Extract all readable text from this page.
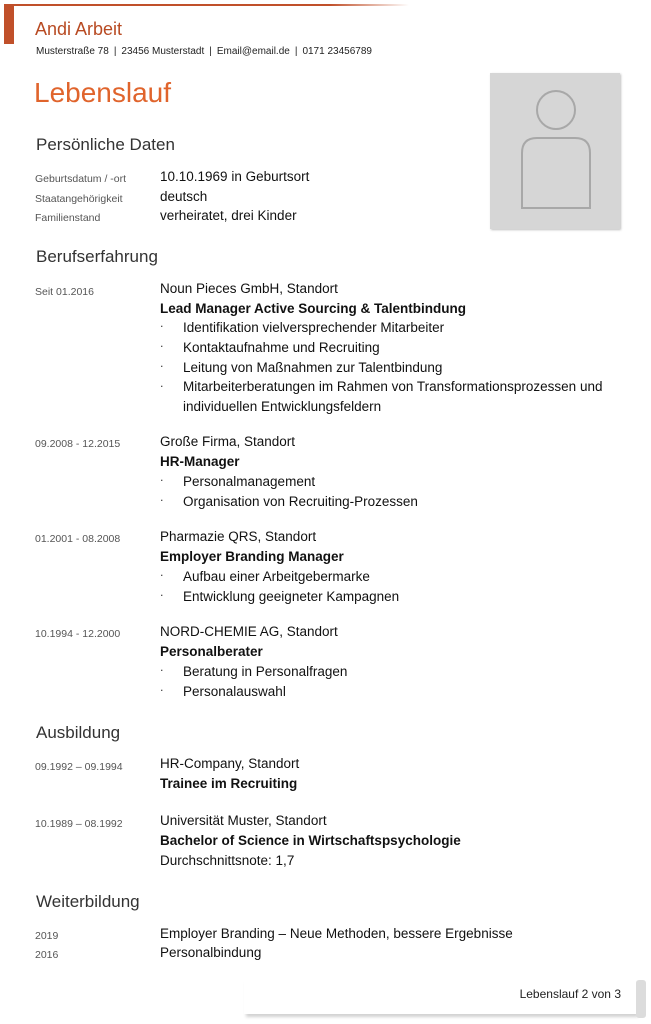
Andi Arbeit
Musterstraße 78 | 23456 Musterstadt | Email@email.de | 0171 23456789
Lebenslauf
Persönliche Daten
Geburtsdatum / -ort	10.10.1969 in Geburtsort
Staatangehörigkeit	deutsch
Familienstand	verheiratet, drei Kinder
Berufserfahrung
Seit 01.2016	Noun Pieces GmbH, Standort
Lead Manager Active Sourcing & Talentbindung
‧ Identifikation vielversprechender Mitarbeiter
‧ Kontaktaufnahme und Recruiting
‧ Leitung von Maßnahmen zur Talentbindung
‧ Mitarbeiterberatungen im Rahmen von Transformationsprozessen und
individuellen Entwicklungsfeldern
09.2008 - 12.2015	Große Firma, Standort
HR-Manager
‧ Personalmanagement
‧ Organisation von Recruiting-Prozessen
01.2001 - 08.2008	Pharmazie QRS, Standort
Employer Branding Manager
‧ Aufbau einer Arbeitgebermarke
‧ Entwicklung geeigneter Kampagnen
10.1994 - 12.2000	NORD-CHEMIE AG, Standort
Personalberater
‧ Beratung in Personalfragen
‧ Personalauswahl
Ausbildung
09.1992 – 09.1994	HR-Company, Standort
Trainee im Recruiting
10.1989 – 08.1992	Universität Muster, Standort
Bachelor of Science in Wirtschaftspsychologie
Durchschnittsnote: 1,7
Weiterbildung
2019	Employer Branding – Neue Methoden, bessere Ergebnisse
2016	Personalbindung
Lebenslauf 2 von 3
